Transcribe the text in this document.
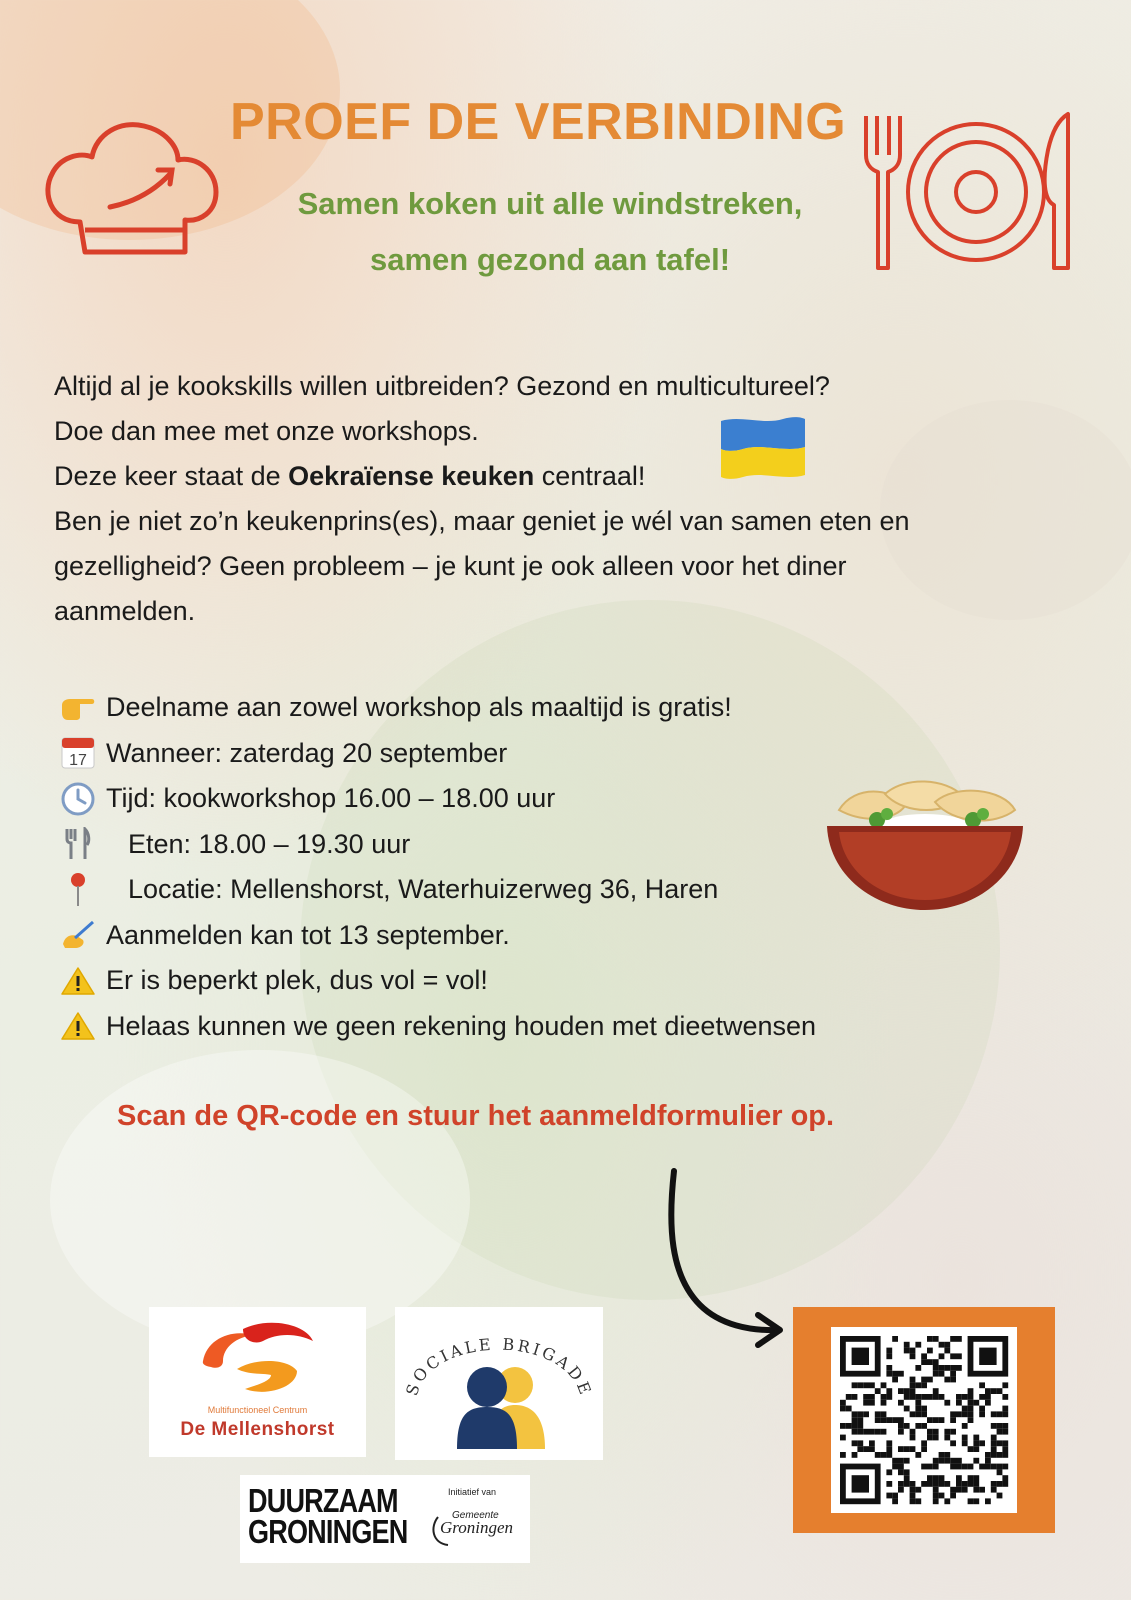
PROEF DE VERBINDING
Samen koken uit alle windstreken,
samen gezond aan tafel!

Altijd al je kookskills willen uitbreiden? Gezond en multicultureel?

Doe dan mee met onze workshops.

Deze keer staat de Oekraïense keuken centraal!

Ben je niet zo’n keukenprins(es), maar geniet je wél van samen eten en

gezelligheid? Geen probleem – je kunt je ook alleen voor het diner

aanmelden.

Deelname aan zowel workshop als maaltijd is gratis!
17 Wanneer: zaterdag 20 september
Tijd: kookworkshop 16.00 – 18.00 uur
Eten: 18.00 – 19.30 uur
Locatie: Mellenshorst, Waterhuizerweg 36, Haren
Aanmelden kan tot 13 september.
Er is beperkt plek, dus vol = vol!
Helaas kunnen we geen rekening houden met dieetwensen
Scan de QR-code en stuur het aanmeldformulier op.
Multifunctioneel Centrum
De Mellenshorst
SOCIALE BRIGADE
DUURZAAM
GRONINGEN
Initiatief van
Gemeente
Groningen
